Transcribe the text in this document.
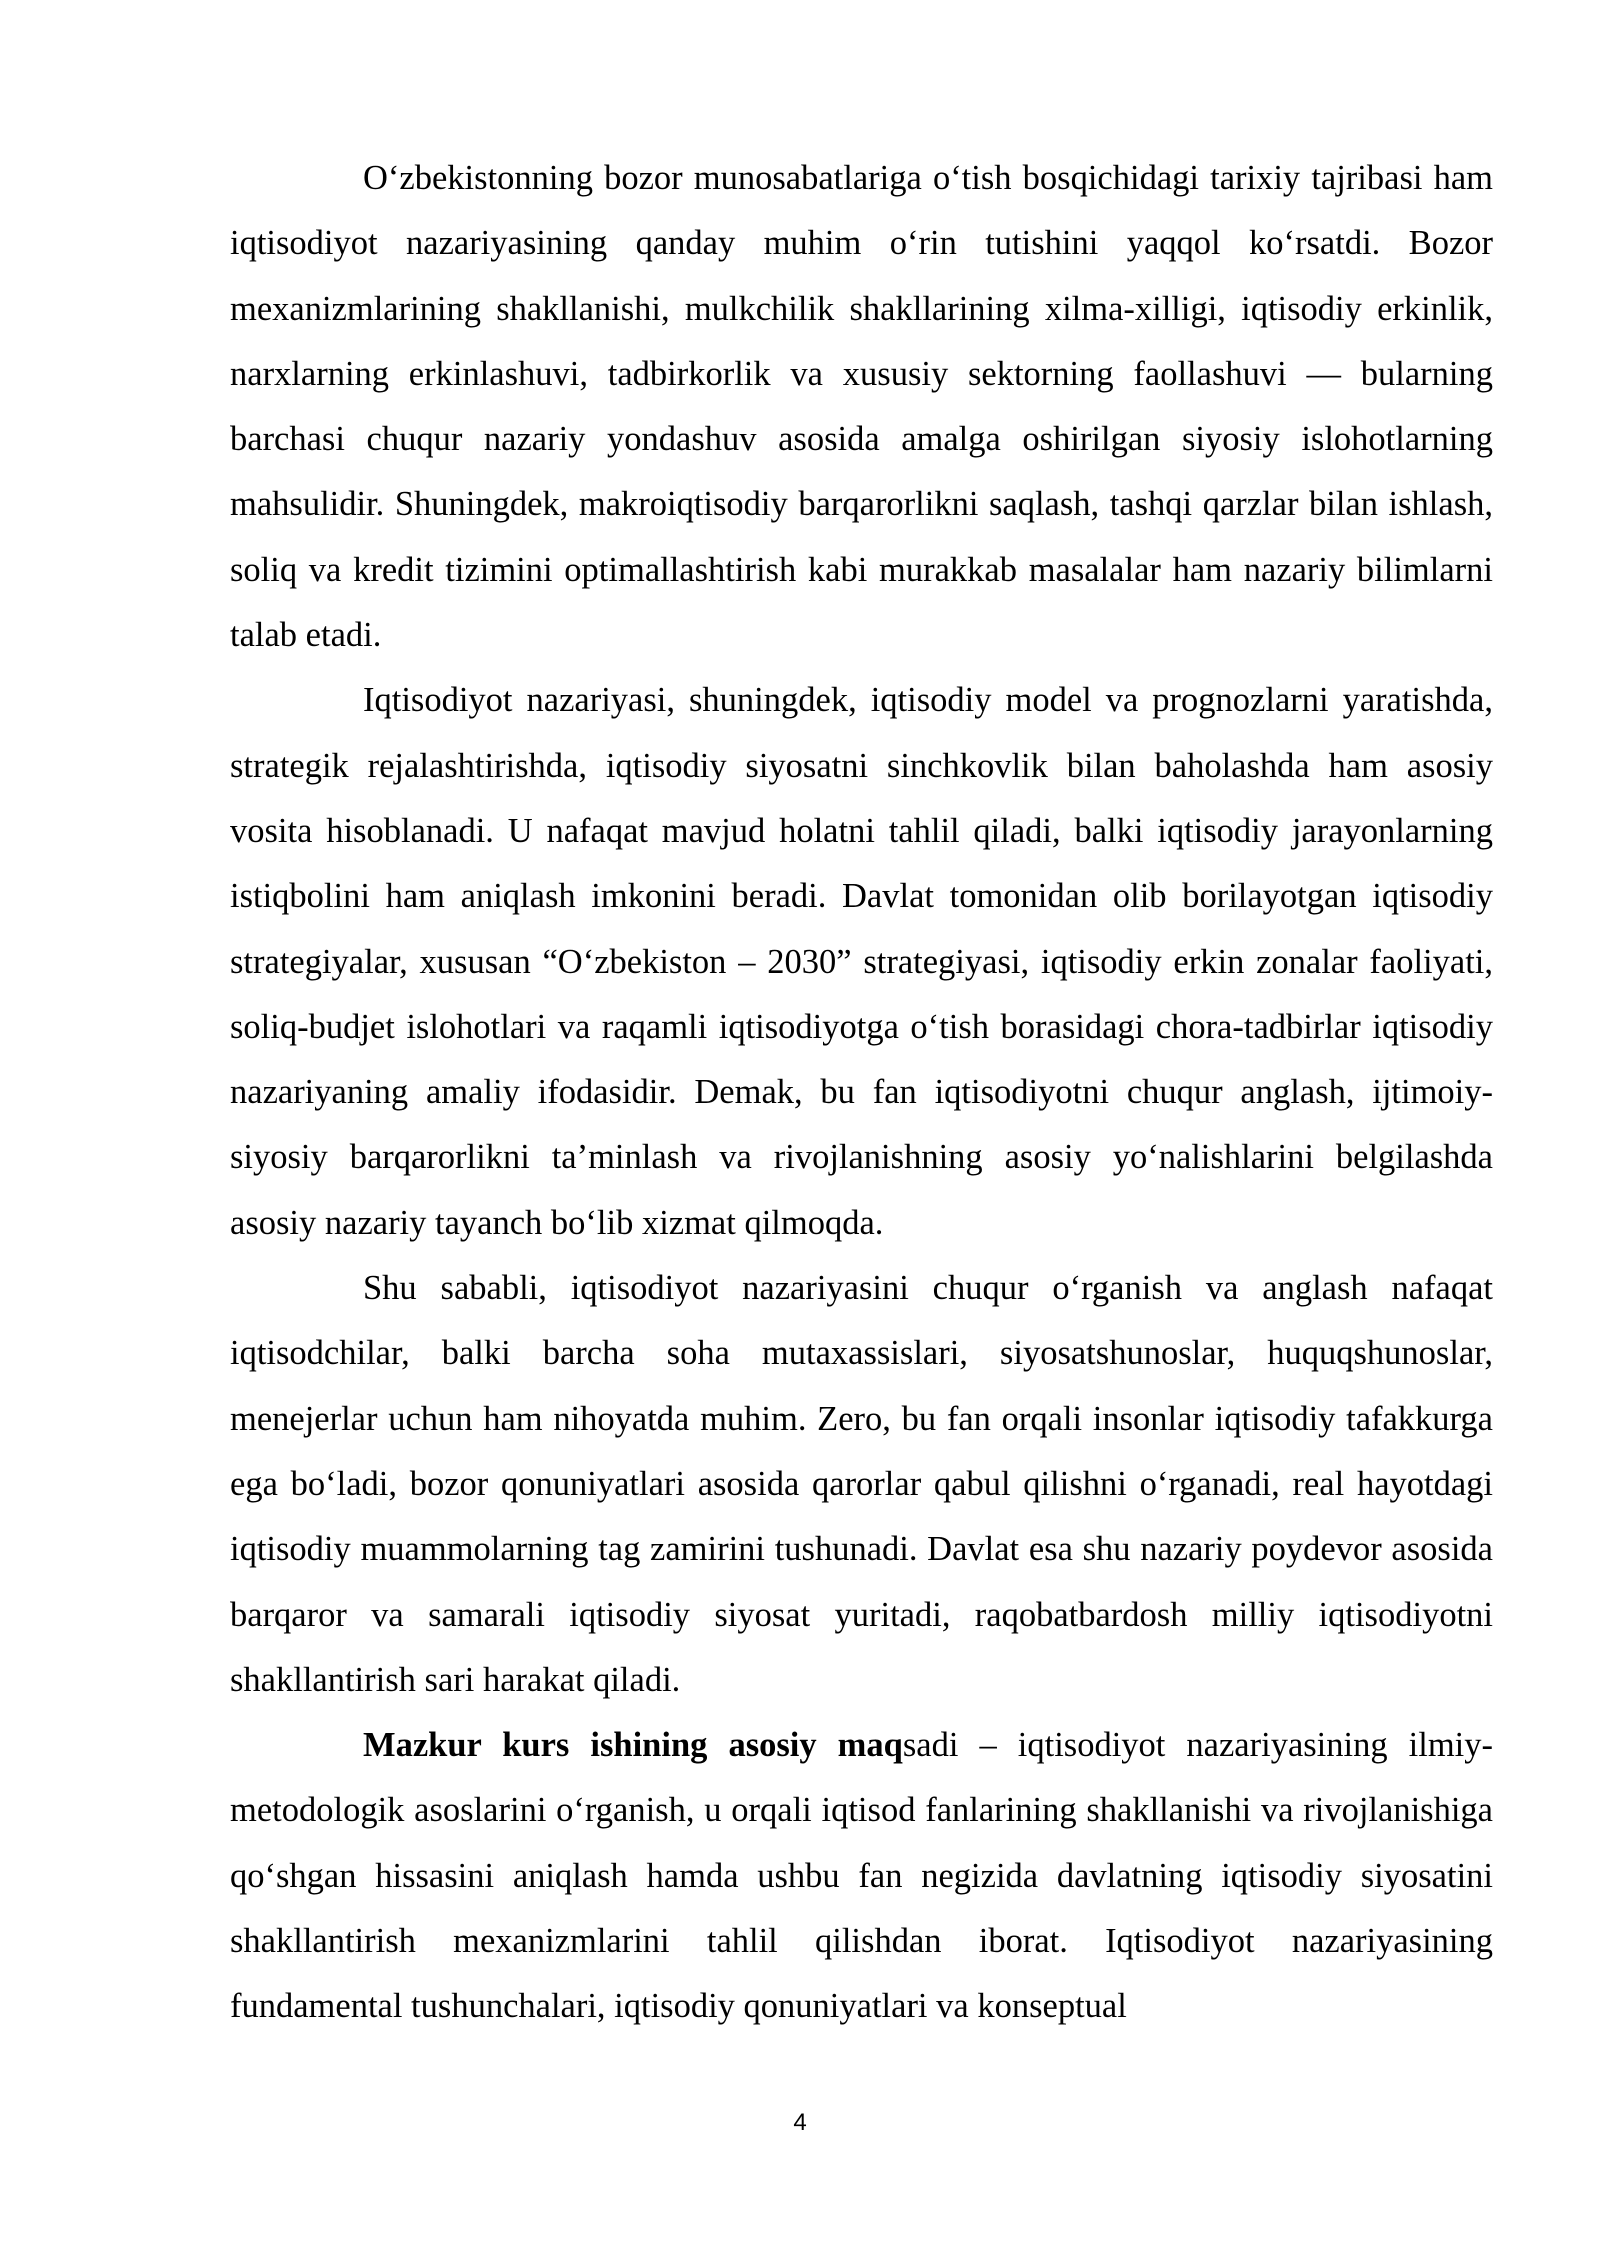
O‘zbekistonning bozor munosabatlariga o‘tish bosqichidagi tarixiy tajribasi ham iqtisodiyot nazariyasining qanday muhim o‘rin tutishini yaqqol ko‘rsatdi. Bozor mexanizmlarining shakllanishi, mulkchilik shakllarining xilma-xilligi, iqtisodiy erkinlik, narxlarning erkinlashuvi, tadbirkorlik va xususiy sektorning faollashuvi — bularning barchasi chuqur nazariy yondashuv asosida amalga oshirilgan siyosiy islohotlarning mahsulidir. Shuningdek, makroiqtisodiy barqarorlikni saqlash, tashqi qarzlar bilan ishlash, soliq va kredit tizimini optimallashtirish kabi murakkab masalalar ham nazariy bilimlarni talab etadi.

Iqtisodiyot nazariyasi, shuningdek, iqtisodiy model va prognozlarni yaratishda, strategik rejalashtirishda, iqtisodiy siyosatni sinchkovlik bilan baholashda ham asosiy vosita hisoblanadi. U nafaqat mavjud holatni tahlil qiladi, balki iqtisodiy jarayonlarning istiqbolini ham aniqlash imkonini beradi. Davlat tomonidan olib borilayotgan iqtisodiy strategiyalar, xususan “O‘zbekiston – 2030” strategiyasi, iqtisodiy erkin zonalar faoliyati, soliq-budjet islohotlari va raqamli iqtisodiyotga o‘tish borasidagi chora-tadbirlar iqtisodiy nazariyaning amaliy ifodasidir. Demak, bu fan iqtisodiyotni chuqur anglash, ijtimoiy-siyosiy barqarorlikni ta’minlash va rivojlanishning asosiy yo‘nalishlarini belgilashda asosiy nazariy tayanch bo‘lib xizmat qilmoqda.

Shu sababli, iqtisodiyot nazariyasini chuqur o‘rganish va anglash nafaqat iqtisodchilar, balki barcha soha mutaxassislari, siyosatshunoslar, huquqshunoslar, menejerlar uchun ham nihoyatda muhim. Zero, bu fan orqali insonlar iqtisodiy tafakkurga ega bo‘ladi, bozor qonuniyatlari asosida qarorlar qabul qilishni o‘rganadi, real hayotdagi iqtisodiy muammolarning tag zamirini tushunadi. Davlat esa shu nazariy poydevor asosida barqaror va samarali iqtisodiy siyosat yuritadi, raqobatbardosh milliy iqtisodiyotni shakllantirish sari harakat qiladi.

Mazkur kurs ishining asosiy maqsadi – iqtisodiyot nazariyasining ilmiy-metodologik asoslarini o‘rganish, u orqali iqtisod fanlarining shakllanishi va rivojlanishiga qo‘shgan hissasini aniqlash hamda ushbu fan negizida davlatning iqtisodiy siyosatini shakllantirish mexanizmlarini tahlil qilishdan iborat. Iqtisodiyot nazariyasining fundamental tushunchalari, iqtisodiy qonuniyatlari va konseptual

4
